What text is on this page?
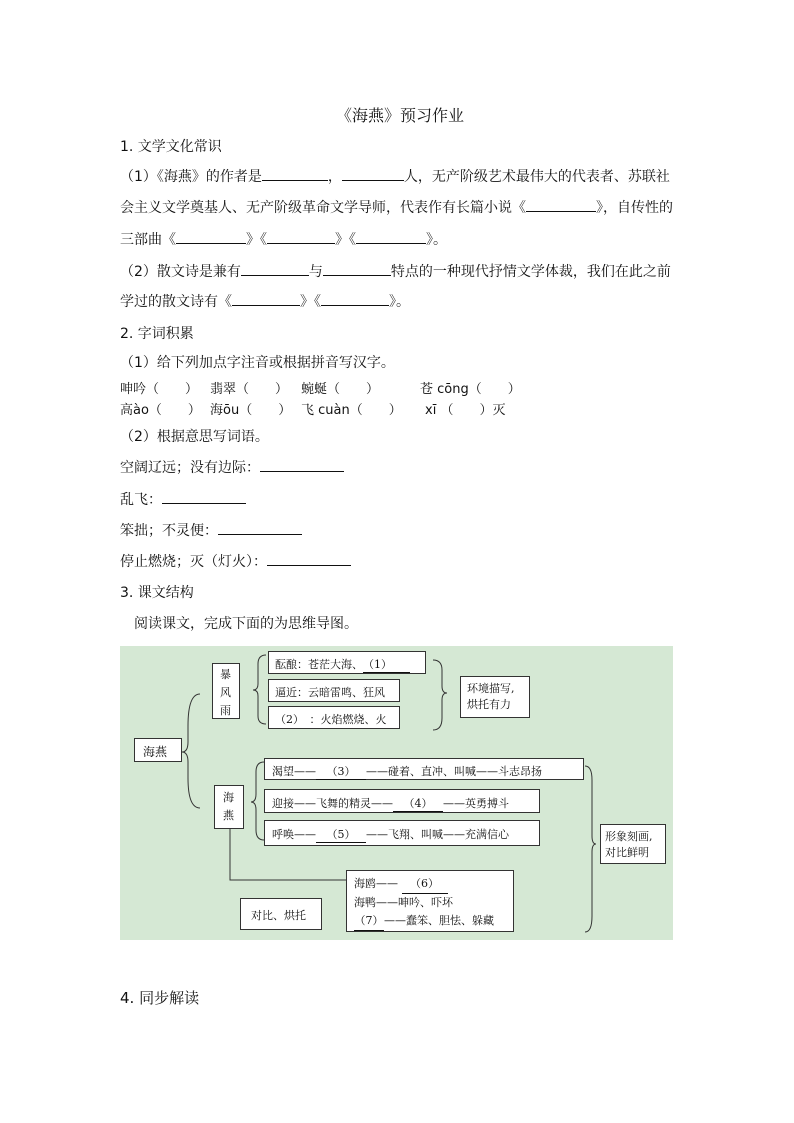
《海燕》预习作业
1. 文学文化常识
（1）《海燕》的作者是	，	人，无产阶级艺术最伟大的代表者、苏联社
会主义文学奠基人、无产阶级革命文学导师，代表作有长篇小说《	》，自传性的
三部曲《	》《	》《	》。
（2）散文诗是兼有	与	特点的一种现代抒情文学体裁，我们在此之前
学过的散文诗有《	》《	》。
2. 字词积累
（1）给下列加点字注音或根据拼音写汉字。
呻吟（　　） 翡翠（　　） 蜿蜒（　　）	苍 cōng（　　）
高ào（　　） 海ōu（　　） 飞 cuàn（　　） xī （　　）灭
（2）根据意思写词语。
空阔辽远；没有边际：
乱飞：
笨拙；不灵便：
停止燃烧；灭（灯火）：
3. 课文结构
阅读课文，完成下面的为思维导图。
海燕
暴风雨
酝酿：苍茫大海、（1）
逼近：云暗雷鸣、狂风
（2）　：火焰燃烧、火
环境描写,
烘托有力
海燕
渴望—— （3） ——碰着、直冲、叫喊——斗志昂扬
迎接——飞舞的精灵—— （4） ——英勇搏斗
呼唤—— （5） ——飞翔、叫喊——充满信心	形象刻画,
对比鲜明
对比、烘托
海鸥—— （6）
海鸭——呻吟、吓坏
（7）——蠢笨、胆怯、躲藏
4. 同步解读
